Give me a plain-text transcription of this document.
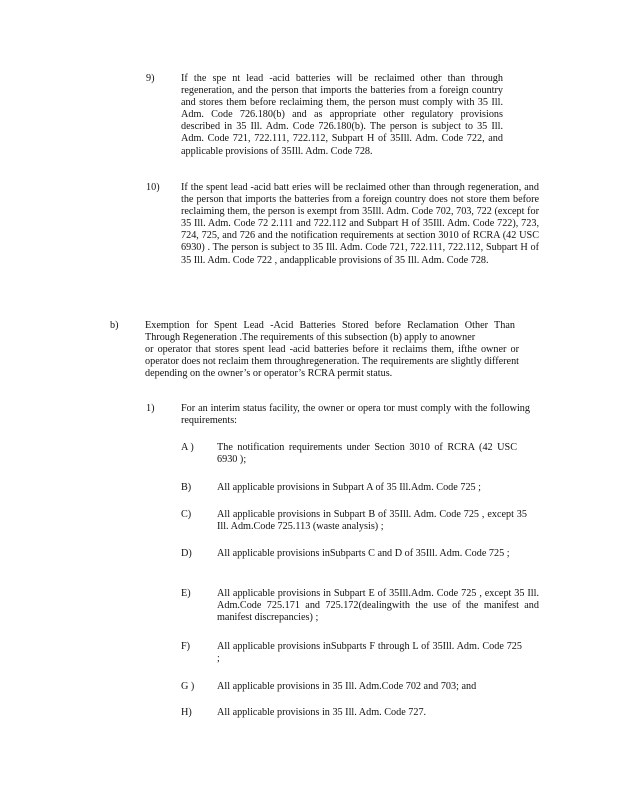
9)	If the spe nt lead -acid batteries will be reclaimed other than through regeneration, and the person that imports the batteries from a foreign country and stores them before reclaiming them, the person must comply with 35 Ill. Adm. Code 726.180(b) and as appropriate other regulatory provisions described in 35 Ill. Adm. Code 726.180(b). The person is subject to 35 Ill. Adm. Code 721, 722.111, 722.112, Subpart H of 35Ill. Adm. Code 722, and applicable provisions of 35Ill. Adm. Code 728.

10) If the spent lead -acid batt eries will be reclaimed other than through regeneration, and the person that imports the batteries from a foreign country does not store them before reclaiming them, the person is exempt from 35Ill. Adm. Code 702, 703, 722 (except for 35 Ill. Adm. Code 72 2.111 and 722.112 and Subpart H of 35Ill. Adm. Code 722), 723, 724, 725, and 726 and the notification requirements at section 3010 of RCRA (42 USC 6930) . The person is subject to 35 Ill. Adm. Code 721, 722.111, 722.112, Subpart H of 35 Ill. Adm. Code 722 , andapplicable provisions of 35 Ill. Adm. Code 728.

b)	Exemption for Spent Lead -Acid Batteries Stored before Reclamation Other Than Through Regeneration .The requirements of this subsection (b) apply to anowner

or operator that stores spent lead -acid batteries before it reclaims them, ifthe owner or operator does not reclaim them throughregeneration. The requirements are slightly different depending on the owner’s or operator’s RCRA permit status.

1)	For an interim status facility, the owner or opera tor must comply with the following requirements:

A ) The notification requirements under Section 3010 of RCRA (42 USC 6930 );

B)	All applicable provisions in Subpart A of 35 Ill.Adm. Code 725 ;

C)	All applicable provisions in Subpart B of 35Ill. Adm. Code 725 , except 35 Ill. Adm.Code 725.113 (waste analysis) ;

D) All applicable provisions inSubparts C and D of 35Ill. Adm. Code 725 ;

E)	All applicable provisions in Subpart E of 35Ill.Adm. Code 725 , except 35 Ill. Adm.Code 725.171 and 725.172(dealingwith the use of the manifest and manifest discrepancies) ;

F)	All applicable provisions inSubparts F through L of 35Ill. Adm. Code 725 ;

G ) All applicable provisions in 35 Ill. Adm.Code 702 and 703; and

H) All applicable provisions in 35 Ill. Adm. Code 727.
